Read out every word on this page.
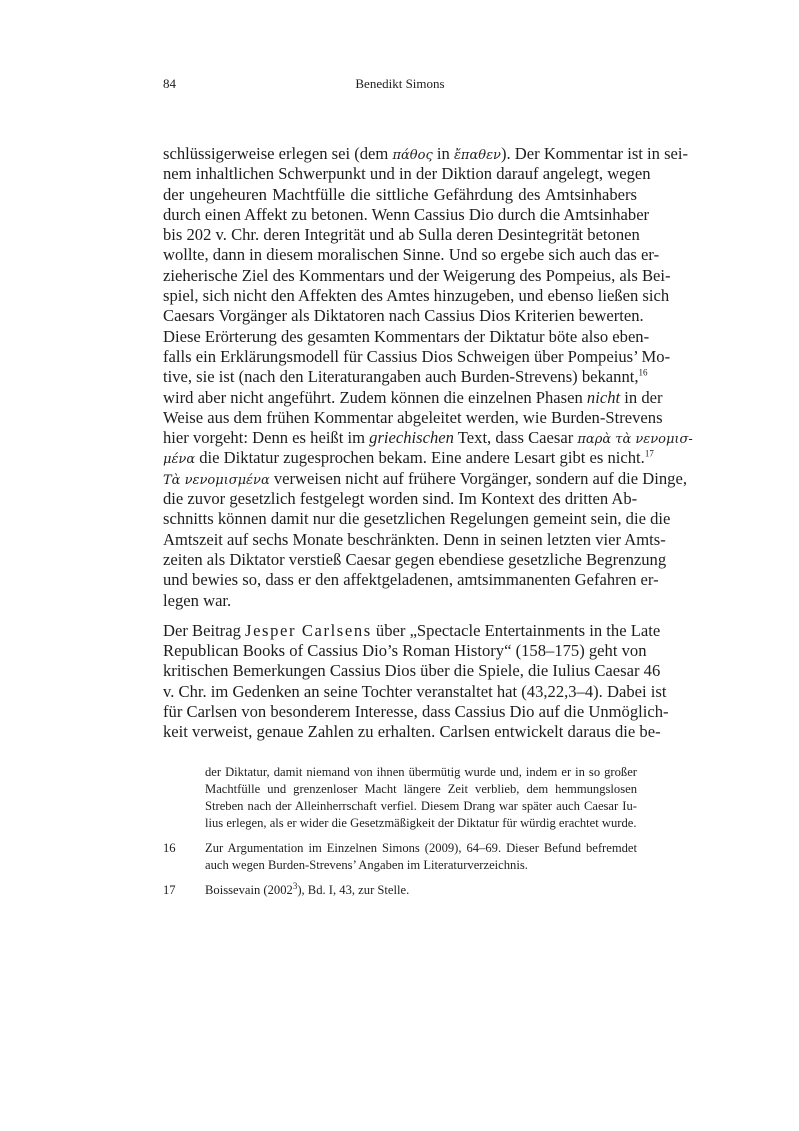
84	Benedikt Simons
schlüssigerweise erlegen sei (dem πάθος in ἔπαθεν). Der Kommentar ist in sei-
nem inhaltlichen Schwerpunkt und in der Diktion darauf angelegt, wegen
der ungeheuren Machtfülle die sittliche Gefährdung des Amtsinhabers
durch einen Affekt zu betonen. Wenn Cassius Dio durch die Amtsinhaber
bis 202 v. Chr. deren Integrität und ab Sulla deren Desintegrität betonen
wollte, dann in diesem moralischen Sinne. Und so ergebe sich auch das er-
zieherische Ziel des Kommentars und der Weigerung des Pompeius, als Bei-
spiel, sich nicht den Affekten des Amtes hinzugeben, und ebenso ließen sich
Caesars Vorgänger als Diktatoren nach Cassius Dios Kriterien bewerten.
Diese Erörterung des gesamten Kommentars der Diktatur böte also eben-
falls ein Erklärungsmodell für Cassius Dios Schweigen über Pompeius’ Mo-
tive, sie ist (nach den Literaturangaben auch Burden-Strevens) bekannt,$^{16}$
wird aber nicht angeführt. Zudem können die einzelnen Phasen nicht in der
Weise aus dem frühen Kommentar abgeleitet werden, wie Burden-Strevens
hier vorgeht: Denn es heißt im griechischen Text, dass Caesar παρὰ τὰ νενομισ-
μένα die Diktatur zugesprochen bekam. Eine andere Lesart gibt es nicht.$^{17}$
Τὰ νενομισμένα verweisen nicht auf frühere Vorgänger, sondern auf die Dinge,
die zuvor gesetzlich festgelegt worden sind. Im Kontext des dritten Ab-
schnitts können damit nur die gesetzlichen Regelungen gemeint sein, die die
Amtszeit auf sechs Monate beschränkten. Denn in seinen letzten vier Amts-
zeiten als Diktator verstieß Caesar gegen ebendiese gesetzliche Begrenzung
und bewies so, dass er den affektgeladenen, amtsimmanenten Gefahren er-
legen war.
Der Beitrag Jesper Carlsens über „Spectacle Entertainments in the Late
Republican Books of Cassius Dio’s Roman History“ (158–175) geht von
kritischen Bemerkungen Cassius Dios über die Spiele, die Iulius Caesar 46
v. Chr. im Gedenken an seine Tochter veranstaltet hat (43,22,3–4). Dabei ist
für Carlsen von besonderem Interesse, dass Cassius Dio auf die Unmöglich-
keit verweist, genaue Zahlen zu erhalten. Carlsen entwickelt daraus die be-
der Diktatur, damit niemand von ihnen übermütig wurde und, indem er in so großer
Machtfülle und grenzenloser Macht längere Zeit verblieb, dem hemmungslosen
Streben nach der Alleinherrschaft verfiel. Diesem Drang war später auch Caesar Iu-
lius erlegen, als er wider die Gesetzmäßigkeit der Diktatur für würdig erachtet wurde.
16	Zur Argumentation im Einzelnen Simons (2009), 64–69. Dieser Befund befremdet
auch wegen Burden-Strevens’ Angaben im Literaturverzeichnis.
17	Boissevain (2002$^3$), Bd. I, 43, zur Stelle.
